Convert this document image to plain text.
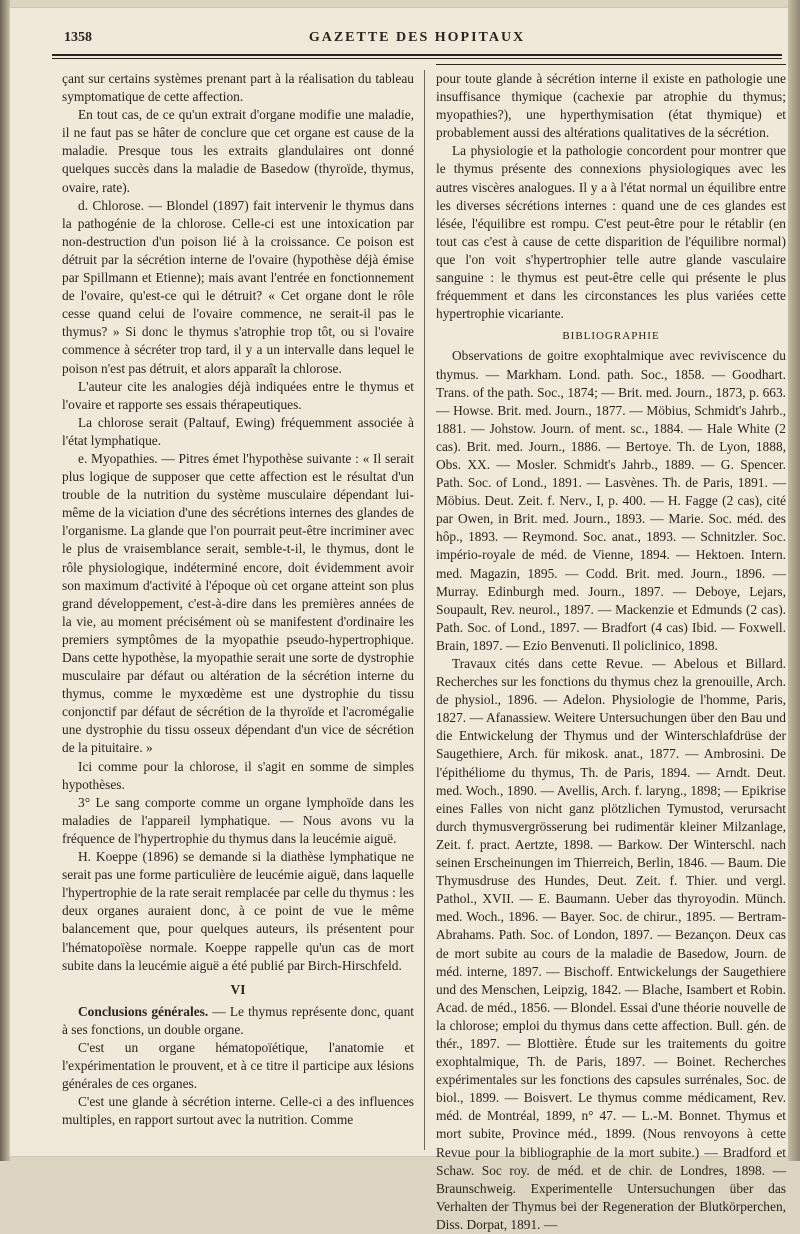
1358	GAZETTE DES HOPITAUX

çant sur certains systèmes prenant part à la réalisation du tableau symptomatique de cette affection.

En tout cas, de ce qu'un extrait d'organe modifie une maladie, il ne faut pas se hâter de conclure que cet organe est cause de la maladie. Presque tous les extraits glandulaires ont donné quelques succès dans la maladie de Basedow (thyroïde, thymus, ovaire, rate).

d. Chlorose. — Blondel (1897) fait intervenir le thymus dans la pathogénie de la chlorose. Celle-ci est une intoxication par non-destruction d'un poison lié à la croissance. Ce poison est détruit par la sécrétion interne de l'ovaire (hypothèse déjà émise par Spillmann et Etienne); mais avant l'entrée en fonctionnement de l'ovaire, qu'est-ce qui le détruit? « Cet organe dont le rôle cesse quand celui de l'ovaire commence, ne serait-il pas le thymus? » Si donc le thymus s'atrophie trop tôt, ou si l'ovaire commence à sécréter trop tard, il y a un intervalle dans lequel le poison n'est pas détruit, et alors apparaît la chlorose.

L'auteur cite les analogies déjà indiquées entre le thymus et l'ovaire et rapporte ses essais thérapeutiques.

La chlorose serait (Paltauf, Ewing) fréquemment associée à l'état lymphatique.

e. Myopathies. — Pitres émet l'hypothèse suivante : « Il serait plus logique de supposer que cette affection est le résultat d'un trouble de la nutrition du système musculaire dépendant lui-même de la viciation d'une des sécrétions internes des glandes de l'organisme. La glande que l'on pourrait peut-être incriminer avec le plus de vraisemblance serait, semble-t-il, le thymus, dont le rôle physiologique, indéterminé encore, doit évidemment avoir son maximum d'activité à l'époque où cet organe atteint son plus grand développement, c'est-à-dire dans les premières années de la vie, au moment précisément où se manifestent d'ordinaire les premiers symptômes de la myopathie pseudo-hypertrophique. Dans cette hypothèse, la myopathie serait une sorte de dystrophie musculaire par défaut ou altération de la sécrétion interne du thymus, comme le myxœdème est une dystrophie du tissu conjonctif par défaut de sécrétion de la thyroïde et l'acromégalie une dystrophie du tissu osseux dépendant d'un vice de sécrétion de la pituitaire. »

Ici comme pour la chlorose, il s'agit en somme de simples hypothèses.

3° Le sang comporte comme un organe lymphoïde dans les maladies de l'appareil lymphatique. — Nous avons vu la fréquence de l'hypertrophie du thymus dans la leucémie aiguë.

H. Koeppe (1896) se demande si la diathèse lymphatique ne serait pas une forme particulière de leucémie aiguë, dans laquelle l'hypertrophie de la rate serait remplacée par celle du thymus : les deux organes auraient donc, à ce point de vue le même balancement que, pour quelques auteurs, ils présentent pour l'hématopoïèse normale. Koeppe rappelle qu'un cas de mort subite dans la leucémie aiguë a été publié par Birch-Hirschfeld.

VI

Conclusions générales. — Le thymus représente donc, quant à ses fonctions, un double organe.

C'est un organe hématopoïétique, l'anatomie et l'expérimentation le prouvent, et à ce titre il participe aux lésions générales de ces organes.

C'est une glande à sécrétion interne. Celle-ci a des influences multiples, en rapport surtout avec la nutrition. Comme

pour toute glande à sécrétion interne il existe en pathologie une insuffisance thymique (cachexie par atrophie du thymus; myopathies?), une hyperthymisation (état thymique) et probablement aussi des altérations qualitatives de la sécrétion.

La physiologie et la pathologie concordent pour montrer que le thymus présente des connexions physiologiques avec les autres viscères analogues. Il y a à l'état normal un équilibre entre les diverses sécrétions internes : quand une de ces glandes est lésée, l'équilibre est rompu. C'est peut-être pour le rétablir (en tout cas c'est à cause de cette disparition de l'équilibre normal) que l'on voit s'hypertrophier telle autre glande vasculaire sanguine : le thymus est peut-être celle qui présente le plus fréquemment et dans les circonstances les plus variées cette hypertrophie vicariante.

BIBLIOGRAPHIE

Observations de goitre exophtalmique avec reviviscence du thymus. — Markham. Lond. path. Soc., 1858. — Goodhart. Trans. of the path. Soc., 1874; — Brit. med. Journ., 1873, p. 663. — Howse. Brit. med. Journ., 1877. — Möbius, Schmidt's Jahrb., 1881. — Johstow. Journ. of ment. sc., 1884. — Hale White (2 cas). Brit. med. Journ., 1886. — Bertoye. Th. de Lyon, 1888, Obs. XX. — Mosler. Schmidt's Jahrb., 1889. — G. Spencer. Path. Soc. of Lond., 1891. — Lasvènes. Th. de Paris, 1891. — Möbius. Deut. Zeit. f. Nerv., I, p. 400. — H. Fagge (2 cas), cité par Owen, in Brit. med. Journ., 1893. — Marie. Soc. méd. des hôp., 1893. — Reymond. Soc. anat., 1893. — Schnitzler. Soc. império-royale de méd. de Vienne, 1894. — Hektoen. Intern. med. Magazin, 1895. — Codd. Brit. med. Journ., 1896. — Murray. Edinburgh med. Journ., 1897. — Deboye, Lejars, Soupault, Rev. neurol., 1897. — Mackenzie et Edmunds (2 cas). Path. Soc. of Lond., 1897. — Bradfort (4 cas) Ibid. — Foxwell. Brain, 1897. — Ezio Benvenuti. Il policlinico, 1898.

Travaux cités dans cette Revue. — Abelous et Billard. Recherches sur les fonctions du thymus chez la grenouille, Arch. de physiol., 1896. — Adelon. Physiologie de l'homme, Paris, 1827. — Afanassiew. Weitere Untersuchungen über den Bau und die Entwickelung der Thymus und der Winterschlafdrüse der Saugethiere, Arch. für mikosk. anat., 1877. — Ambrosini. De l'épithéliome du thymus, Th. de Paris, 1894. — Arndt. Deut. med. Woch., 1890. — Avellis, Arch. f. laryng., 1898; — Epikrise eines Falles von nicht ganz plötzlichen Tymustod, verursacht durch thymusvergrösserung bei rudimentär kleiner Milzanlage, Zeit. f. pract. Aertzte, 1898. — Barkow. Der Winterschl. nach seinen Erscheinungen im Thierreich, Berlin, 1846. — Baum. Die Thymusdruse des Hundes, Deut. Zeit. f. Thier. und vergl. Pathol., XVII. — E. Baumann. Ueber das thyroyodin. Münch. med. Woch., 1896. — Bayer. Soc. de chirur., 1895. — Bertram-Abrahams. Path. Soc. of London, 1897. — Bezançon. Deux cas de mort subite au cours de la maladie de Basedow, Journ. de méd. interne, 1897. — Bischoff. Entwickelungs der Saugethiere und des Menschen, Leipzig, 1842. — Blache, Isambert et Robin. Acad. de méd., 1856. — Blondel. Essai d'une théorie nouvelle de la chlorose; emploi du thymus dans cette affection. Bull. gén. de thér., 1897. — Blottière. Étude sur les traitements du goitre exophtalmique, Th. de Paris, 1897. — Boinet. Recherches expérimentales sur les fonctions des capsules surrénales, Soc. de biol., 1899. — Boisvert. Le thymus comme médicament, Rev. méd. de Montréal, 1899, n° 47. — L.-M. Bonnet. Thymus et mort subite, Province méd., 1899. (Nous renvoyons à cette Revue pour la bibliographie de la mort subite.) — Bradford et Schaw. Soc roy. de méd. et de chir. de Londres, 1898. — Braunschweig. Experimentelle Untersuchungen über das Verhalten der Thymus bei der Regeneration der Blutkörperchen, Diss. Dorpat, 1891. —
